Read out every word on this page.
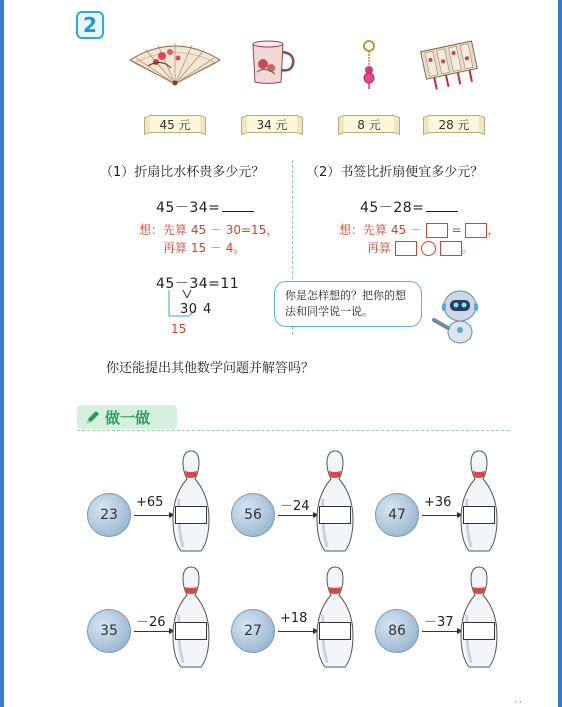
2
45 元	34 元	8 元	28 元
（1）折扇比水杯贵多少元？
45－34=
想：先算 45 － 30=15，
再算 15 － 4。
45－34=11
30 4
15
（2）书签比折扇便宜多少元？
45－28=
想：先算 45 － = ，
再算	。
你是怎样想的？把你的想法和同学说一说。
你还能提出其他数学问题并解答吗？
做一做
23
+65
56
－24
47
+36
35
－26
27
+18
86
－37
· ·
